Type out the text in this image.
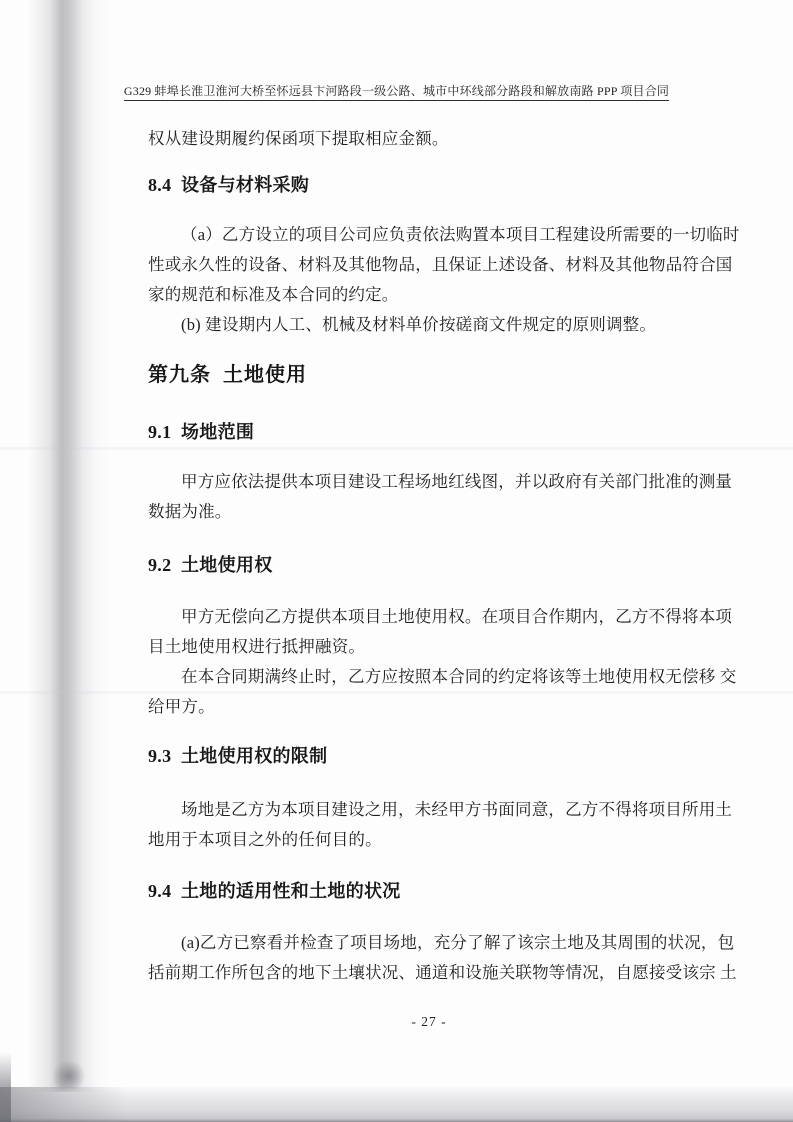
G329 蚌埠长淮卫淮河大桥至怀远县卞河路段一级公路、城市中环线部分路段和解放南路 PPP 项目合同
权从建设期履约保函项下提取相应金额。
8.4  设备与材料采购
（a）乙方设立的项目公司应负责依法购置本项目工程建设所需要的一切临时
性或永久性的设备、材料及其他物品，且保证上述设备、材料及其他物品符合国
家的规范和标准及本合同的约定。
(b) 建设期内人工、机械及材料单价按磋商文件规定的原则调整。
第九条  土地使用
9.1  场地范围
甲方应依法提供本项目建设工程场地红线图，并以政府有关部门批准的测量
数据为准。
9.2  土地使用权
甲方无偿向乙方提供本项目土地使用权。在项目合作期内，乙方不得将本项
目土地使用权进行抵押融资。
在本合同期满终止时，乙方应按照本合同的约定将该等土地使用权无偿移 交
给甲方。
9.3  土地使用权的限制
场地是乙方为本项目建设之用，未经甲方书面同意，乙方不得将项目所用土
地用于本项目之外的任何目的。
9.4  土地的适用性和土地的状况
(a)乙方已察看并检查了项目场地，充分了解了该宗土地及其周围的状况，包
括前期工作所包含的地下土壤状况、通道和设施关联物等情况，自愿接受该宗 土
- 27 -
